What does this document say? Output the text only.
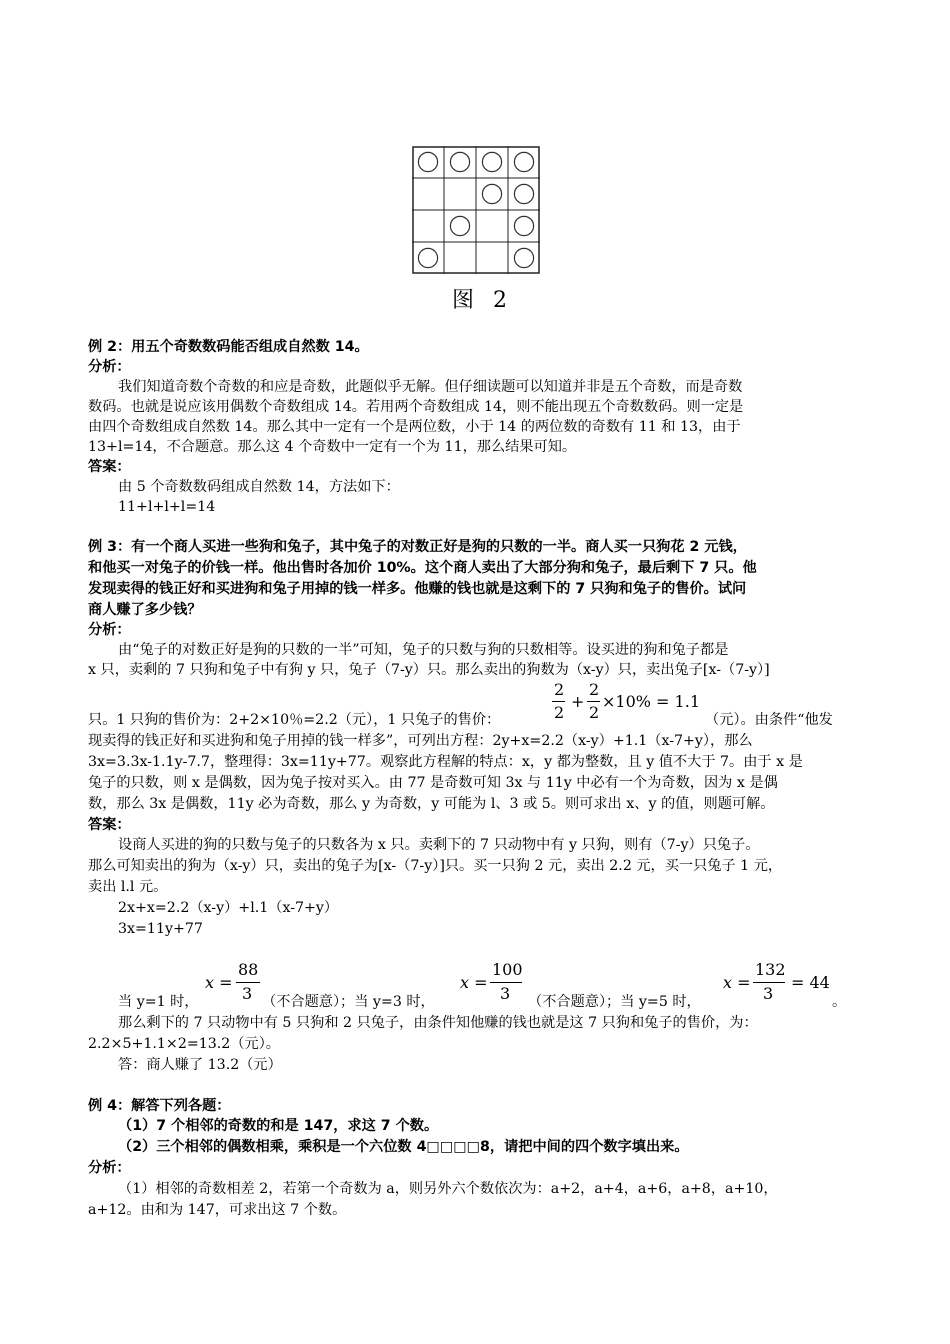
图 2
例 2：用五个奇数数码能否组成自然数 14。
分析：
我们知道奇数个奇数的和应是奇数，此题似乎无解。但仔细读题可以知道并非是五个奇数，而是奇数
数码。也就是说应该用偶数个奇数组成 14。若用两个奇数组成 14，则不能出现五个奇数数码。则一定是
由四个奇数组成自然数 14。那么其中一定有一个是两位数，小于 14 的两位数的奇数有 11 和 13，由于
13+l=14，不合题意。那么这 4 个奇数中一定有一个为 11，那么结果可知。
答案：
由 5 个奇数数码组成自然数 14，方法如下：
11+l+l+l=14
例 3：有一个商人买进一些狗和兔子，其中兔子的对数正好是狗的只数的一半。商人买一只狗花 2 元钱，
和他买一对兔子的价钱一样。他出售时各加价 10%。这个商人卖出了大部分狗和兔子，最后剩下 7 只。他
发现卖得的钱正好和买进狗和兔子用掉的钱一样多。他赚的钱也就是这剩下的 7 只狗和兔子的售价。试问
商人赚了多少钱？
分析：
由“兔子的对数正好是狗的只数的一半”可知，兔子的只数与狗的只数相等。设买进的狗和兔子都是
x 只，卖剩的 7 只狗和兔子中有狗 y 只，兔子（7-y）只。那么卖出的狗数为（x-y）只，卖出兔子[x-（7-y）]
2
2
+
2
2
×10% = 1.1
只。1 只狗的售价为：2+2×10％=2.2（元），1 只兔子的售价：	（元）。由条件“他发
现卖得的钱正好和买进狗和兔子用掉的钱一样多”，可列出方程：2y+x=2.2（x-y）+1.1（x-7+y），那么
3x=3.3x-1.1y-7.7，整理得：3x=11y+77。观察此方程解的特点：x，y 都为整数，且 y 值不大于 7。由于 x 是
兔子的只数，则 x 是偶数，因为兔子按对买入。由 77 是奇数可知 3x 与 11y 中必有一个为奇数，因为 x 是偶
数，那么 3x 是偶数，11y 必为奇数，那么 y 为奇数，y 可能为 l、3 或 5。则可求出 x、y 的值，则题可解。
答案：
设商人买进的狗的只数与兔子的只数各为 x 只。卖剩下的 7 只动物中有 y 只狗，则有（7-y）只兔子。
那么可知卖出的狗为（x-y）只，卖出的兔子为[x-（7-y）]只。买一只狗 2 元，卖出 2.2 元，买一只兔子 1 元，
卖出 l.l 元。
2x+x=2.2（x-y）+l.1（x-7+y）
3x=11y+77
当 y=1 时，
x =
88
3 （不合题意）；当 y=3 时，
x =
100
3 （不合题意）；当 y=5 时，
x =
132
3
= 44
。
那么剩下的 7 只动物中有 5 只狗和 2 只兔子，由条件知他赚的钱也就是这 7 只狗和兔子的售价，为：
2.2×5+1.1×2=13.2（元）。
答：商人赚了 13.2（元）
例 4：解答下列各题：
（1）7 个相邻的奇数的和是 147，求这 7 个数。
（2）三个相邻的偶数相乘，乘积是一个六位数 4□□□□8，请把中间的四个数字填出来。
分析：
（1）相邻的奇数相差 2，若第一个奇数为 a，则另外六个数依次为：a+2，a+4，a+6，a+8，a+10，
a+12。由和为 147，可求出这 7 个数。
